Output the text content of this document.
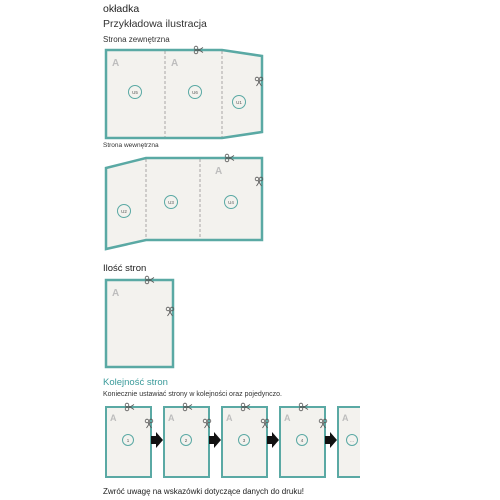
okładka
Przykładowa ilustracja
Strona zewnętrzna
Strona wewnętrzna
Ilość stron
Kolejność stron
Koniecznie ustawiać strony w kolejności oraz pojedynczo.
Zwróć uwagę na wskazówki dotyczące danych do druku!
A	A
U5	U6
U1
A
U2
U3	U4
A
A
1
A
2
A
3
A
4
A
...
